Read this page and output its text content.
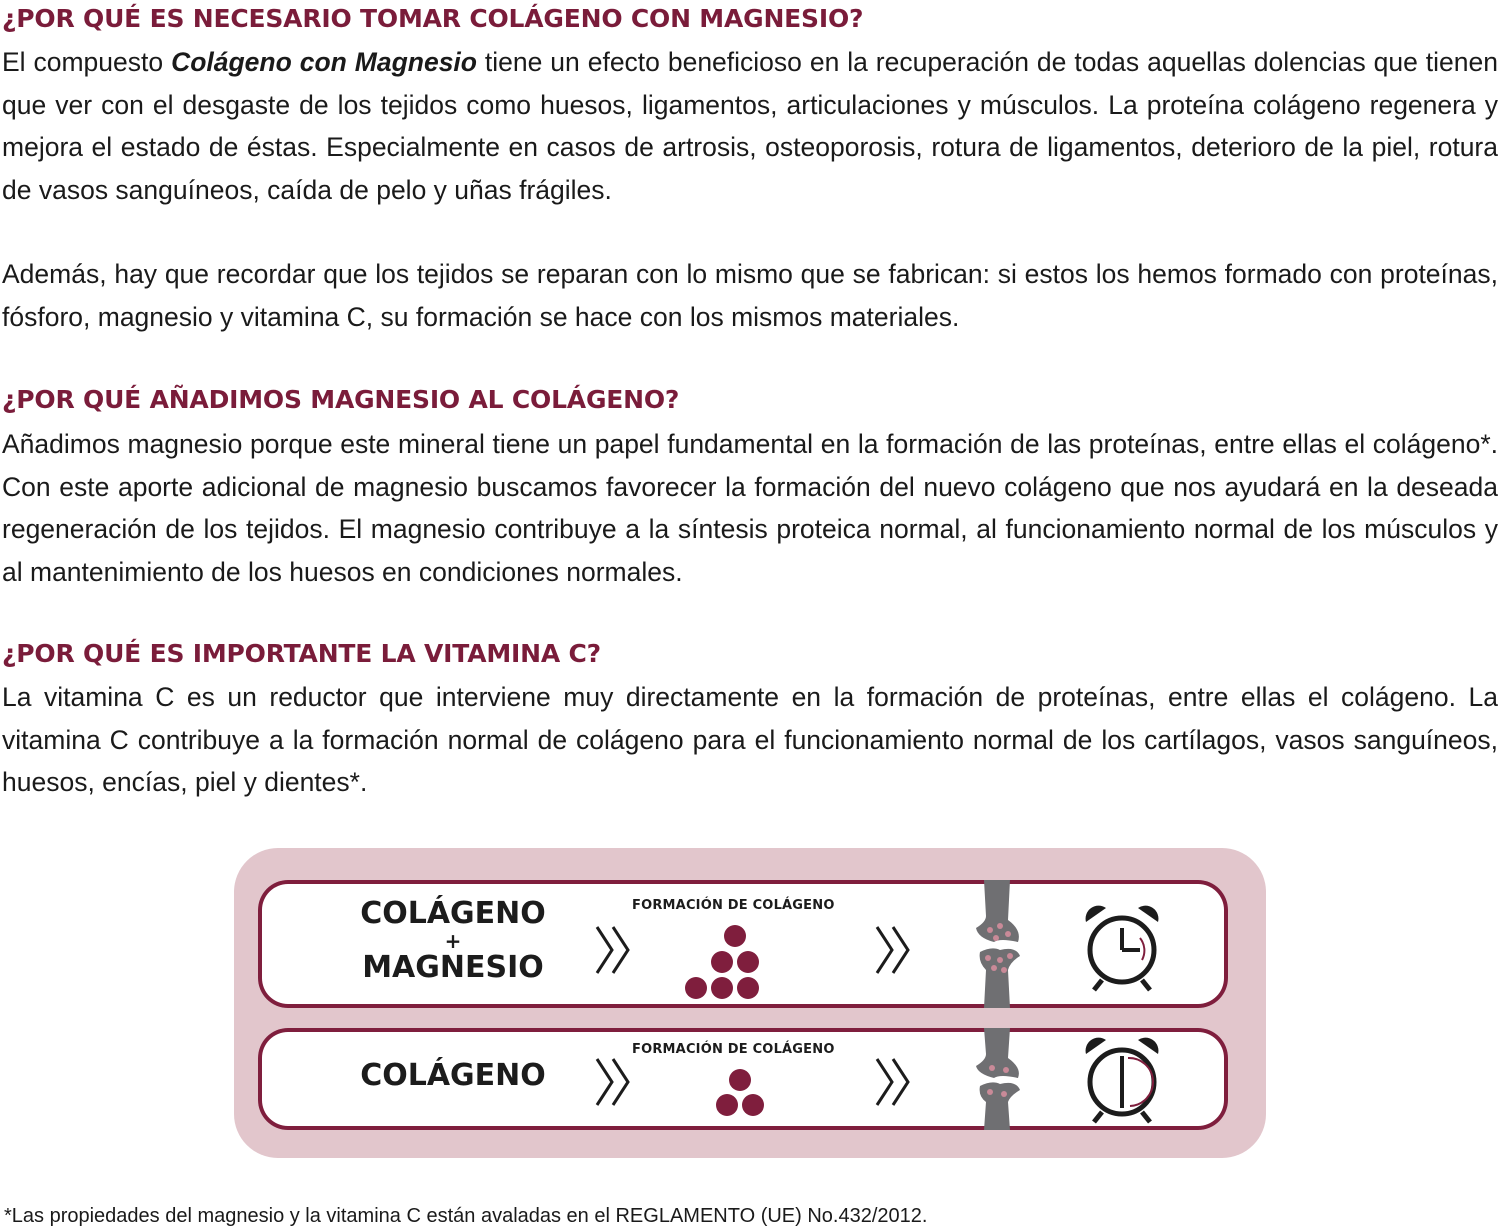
¿POR QUÉ ES NECESARIO TOMAR COLÁGENO CON MAGNESIO?

El compuesto Colágeno con Magnesio tiene un efecto beneficioso en la recuperación de todas aquellas dolencias que tienen que ver con el desgaste de los tejidos como huesos, ligamentos, articulaciones y músculos. La proteína colágeno regenera y mejora el estado de éstas. Especialmente en casos de artrosis, osteoporosis, rotura de ligamentos, deterioro de la piel, rotura de vasos sanguíneos, caída de pelo y uñas frágiles.

Además, hay que recordar que los tejidos se reparan con lo mismo que se fabrican: si estos los hemos formado con proteínas, fósforo, magnesio y vitamina C, su formación se hace con los mismos materiales.

¿POR QUÉ AÑADIMOS MAGNESIO AL COLÁGENO?

Añadimos magnesio porque este mineral tiene un papel fundamental en la formación de las proteínas, entre ellas el colágeno*. Con este aporte adicional de magnesio buscamos favorecer la formación del nuevo colágeno que nos ayudará en la deseada regeneración de los tejidos. El magnesio contribuye a la síntesis proteica normal, al funcionamiento normal de los músculos y al mantenimiento de los huesos en condiciones normales.

¿POR QUÉ ES IMPORTANTE LA VITAMINA C?

La vitamina C es un reductor que interviene muy directamente en la formación de proteínas, entre ellas el colágeno. La vitamina C contribuye a la formación normal de colágeno para el funcionamiento normal de los cartílagos, vasos sanguíneos, huesos, encías, piel y dientes*.

COLÁGENO
+
MAGNESIO
FORMACIÓN DE COLÁGENO
COLÁGENO
FORMACIÓN DE COLÁGENO

*Las propiedades del magnesio y la vitamina C están avaladas en el REGLAMENTO (UE) No.432/2012.
